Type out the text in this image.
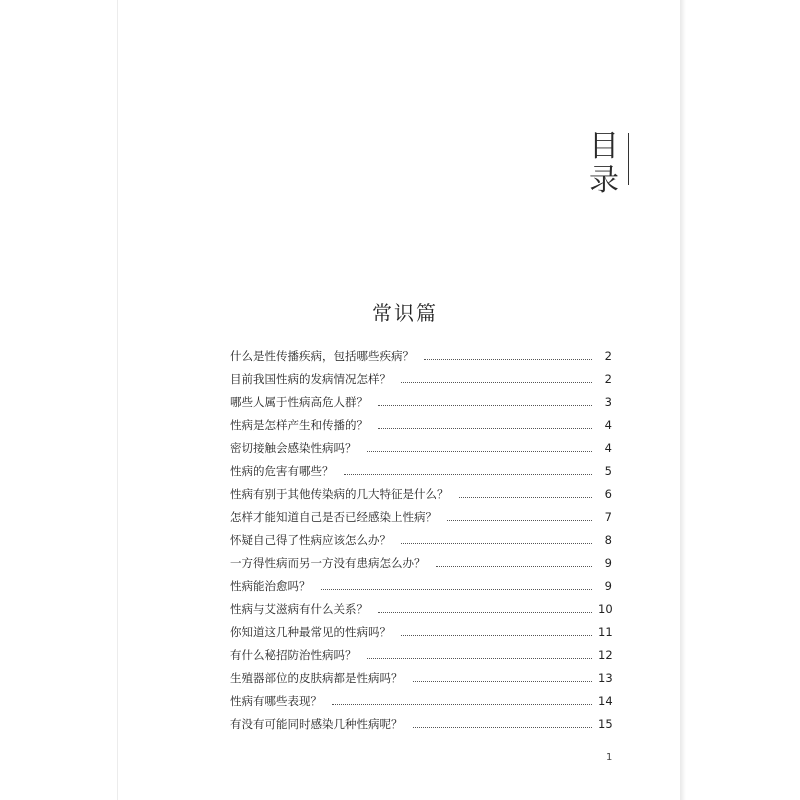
目
录
常识篇
什么是性传播疾病，包括哪些疾病？	2
目前我国性病的发病情况怎样？	2
哪些人属于性病高危人群？	3
性病是怎样产生和传播的？	4
密切接触会感染性病吗？	4
性病的危害有哪些？	5
性病有别于其他传染病的几大特征是什么？	6
怎样才能知道自己是否已经感染上性病？	7
怀疑自己得了性病应该怎么办？	8
一方得性病而另一方没有患病怎么办？	9
性病能治愈吗？	9
性病与艾滋病有什么关系？	10
你知道这几种最常见的性病吗？	11
有什么秘招防治性病吗？	12
生殖器部位的皮肤病都是性病吗？	13
性病有哪些表现？	14
有没有可能同时感染几种性病呢？	15
1
